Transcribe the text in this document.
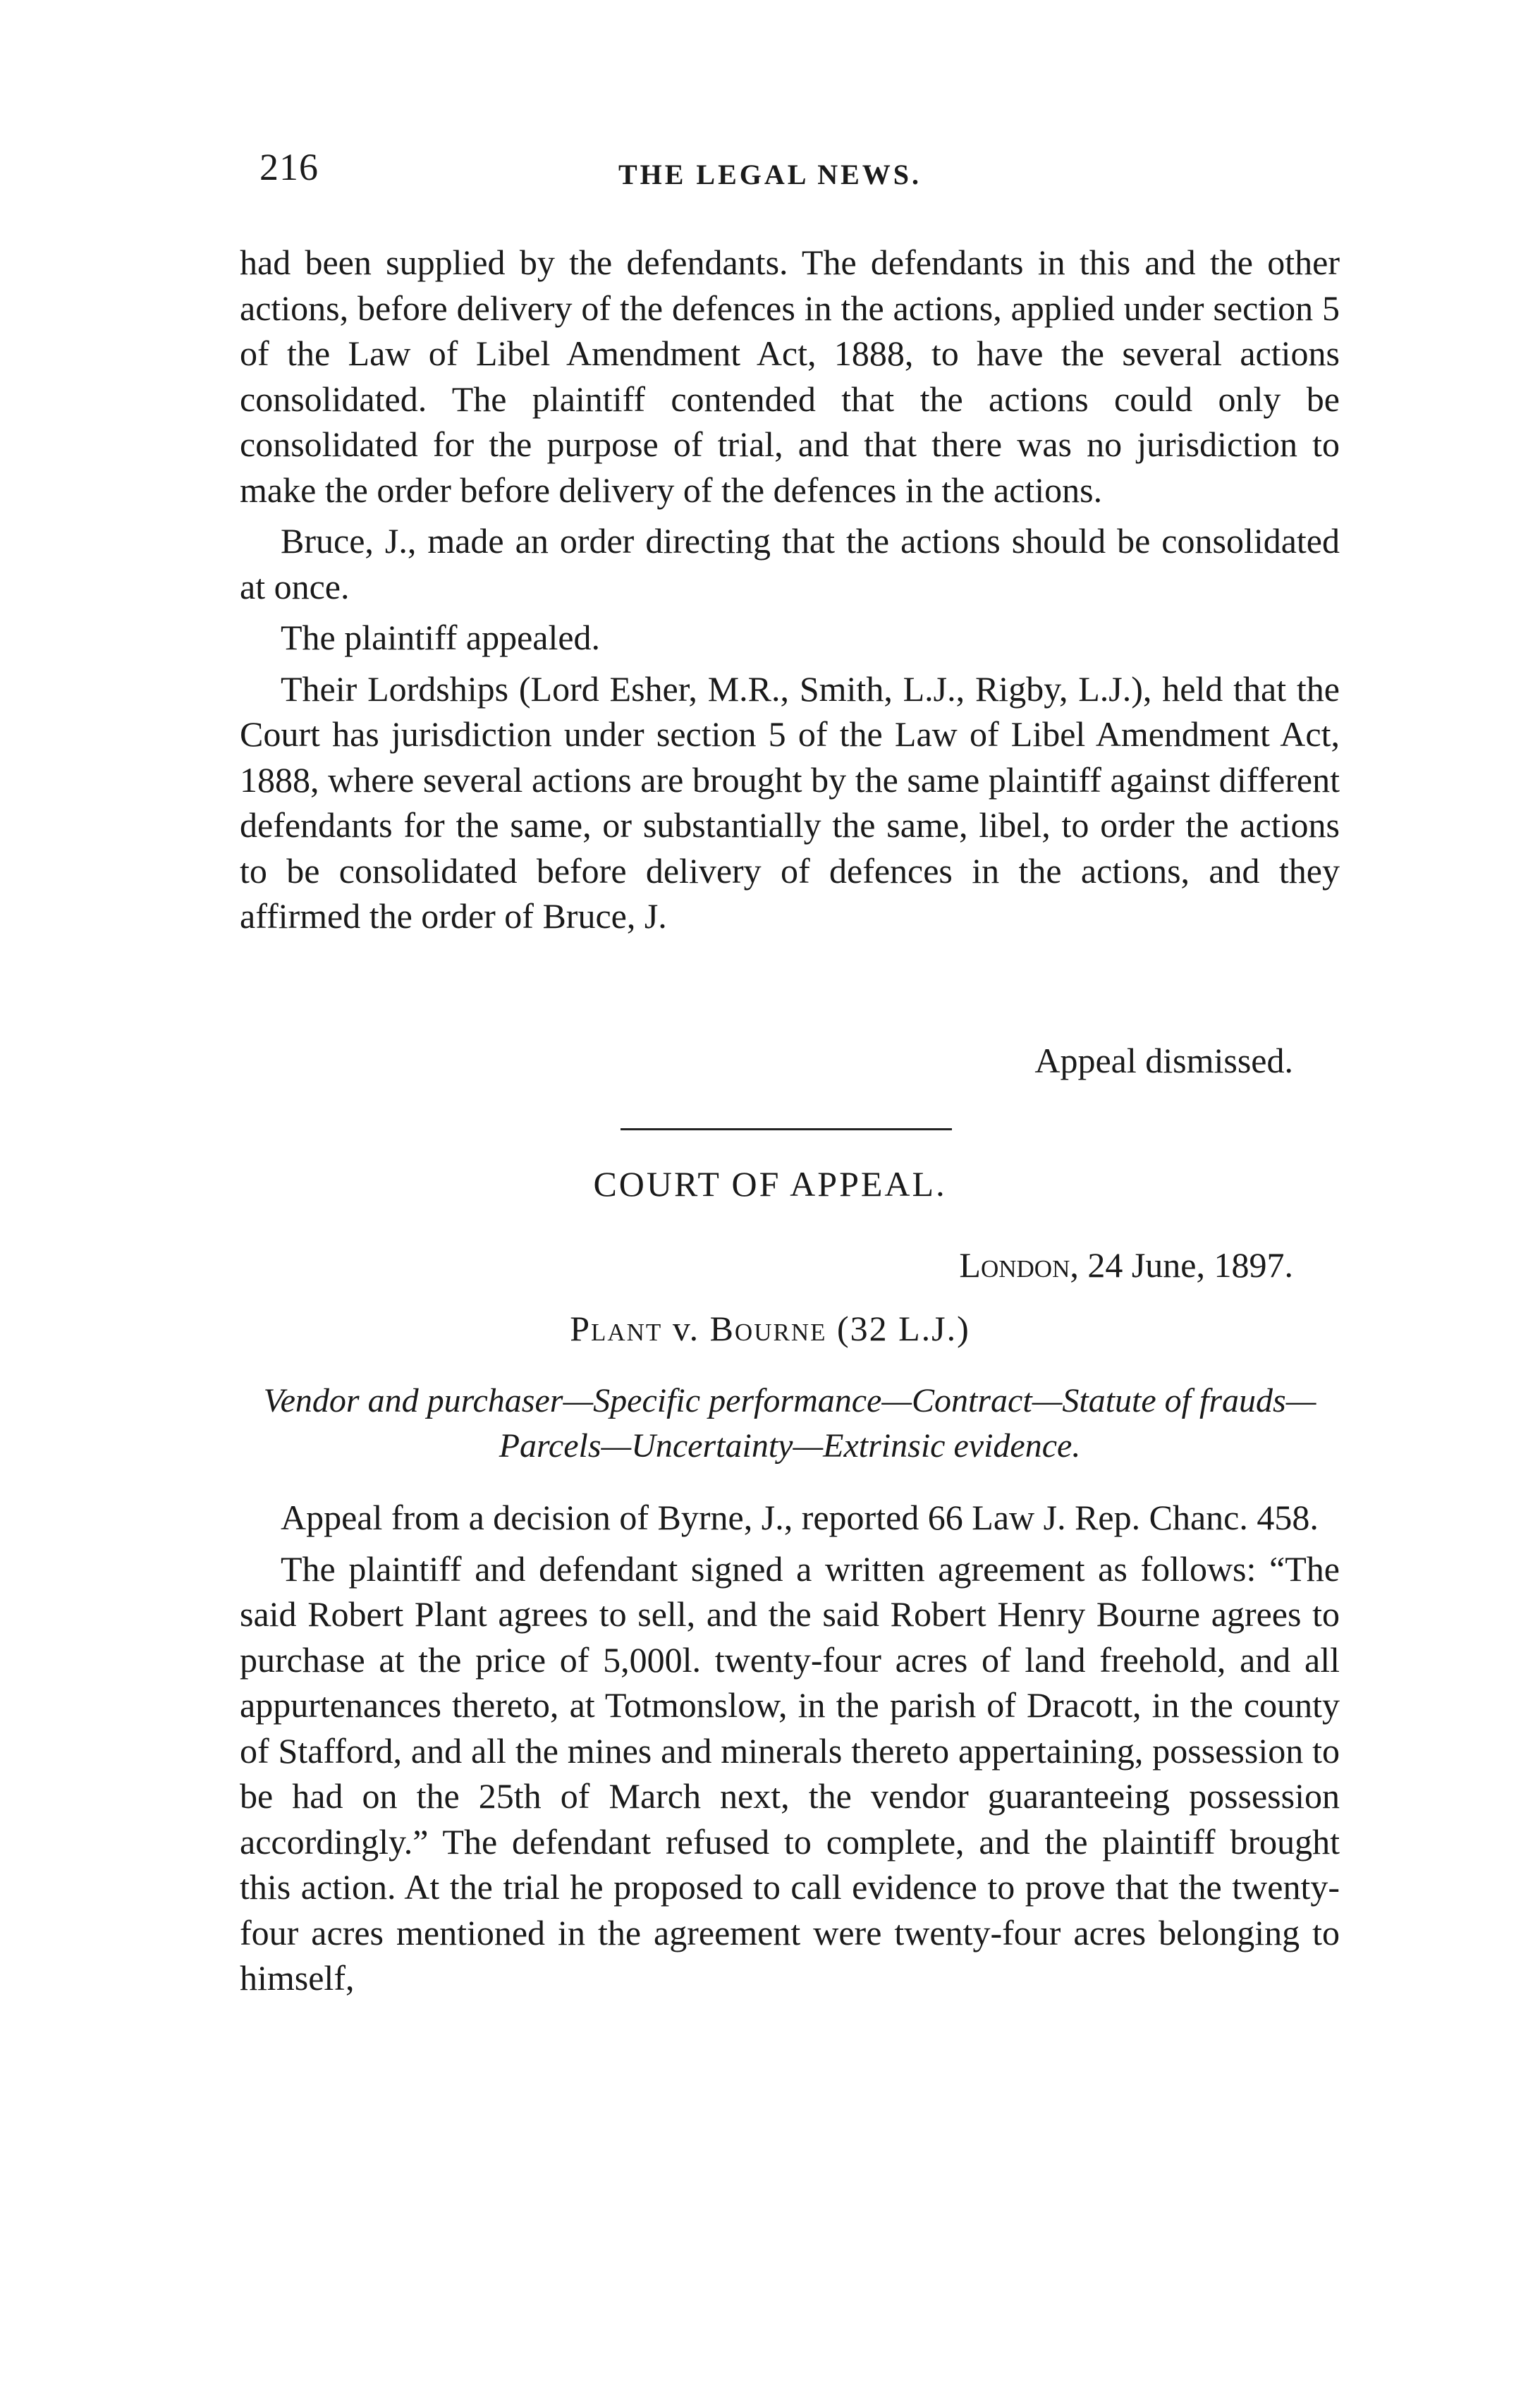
216	THE LEGAL NEWS.

had been supplied by the defendants. The defendants in this and the other actions, before delivery of the defences in the actions, applied under section 5 of the Law of Libel Amendment Act, 1888, to have the several actions consolidated. The plaintiff contended that the actions could only be consolidated for the purpose of trial, and that there was no jurisdiction to make the order before delivery of the defences in the actions.

Bruce, J., made an order directing that the actions should be consolidated at once.

The plaintiff appealed.

Their Lordships (Lord Esher, M.R., Smith, L.J., Rigby, L.J.), held that the Court has jurisdiction under section 5 of the Law of Libel Amendment Act, 1888, where several actions are brought by the same plaintiff against different defendants for the same, or substantially the same, libel, to order the actions to be consolidated before delivery of defences in the actions, and they affirmed the order of Bruce, J.

Appeal dismissed.
COURT OF APPEAL.
London, 24 June, 1897.
Plant v. Bourne (32 L.J.)
Vendor and purchaser—Specific performance—Contract—Statute of frauds—Parcels—Uncertainty—Extrinsic evidence.

Appeal from a decision of Byrne, J., reported 66 Law J. Rep. Chanc. 458.

The plaintiff and defendant signed a written agreement as follows: “The said Robert Plant agrees to sell, and the said Robert Henry Bourne agrees to purchase at the price of 5,000l. twenty-four acres of land freehold, and all appurtenances thereto, at Totmonslow, in the parish of Dracott, in the county of Stafford, and all the mines and minerals thereto appertaining, possession to be had on the 25th of March next, the vendor guaranteeing possession accordingly.” The defendant refused to complete, and the plaintiff brought this action. At the trial he proposed to call evidence to prove that the twenty-four acres mentioned in the agreement were twenty-four acres belonging to himself,
